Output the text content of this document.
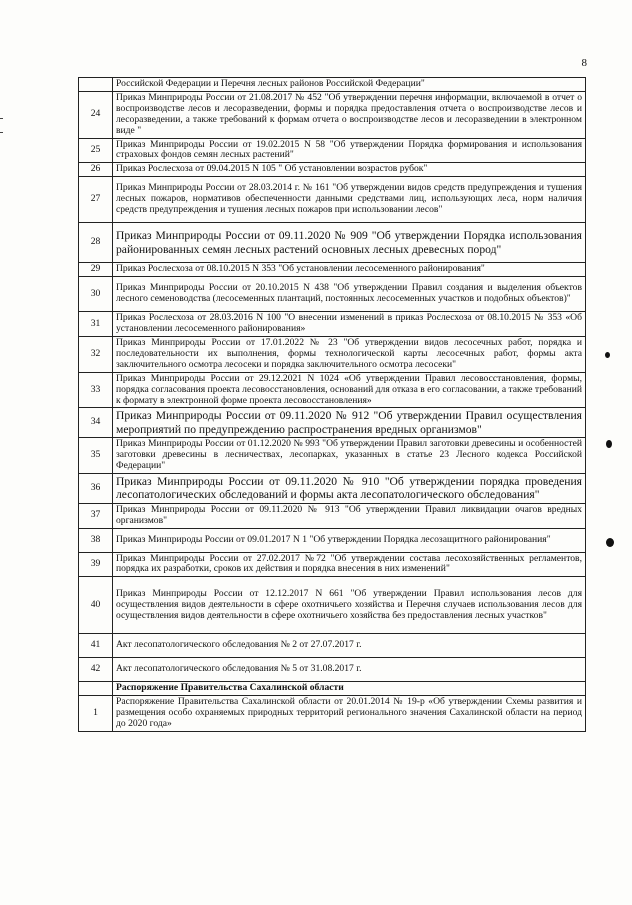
8
	Российской Федерации и Перечня лесных районов Российской Федерации"
24	Приказ Минприроды России от 21.08.2017 № 452 "Об утверждении перечня информации, включаемой в отчет о воспроизводстве лесов и лесоразведении, формы и порядка предоставления отчета о воспроизводстве лесов и лесоразведении, а также требований к формам отчета о воспроизводстве лесов и лесоразведении в электронном виде "
25	Приказ Минприроды России от 19.02.2015 N 58 "Об утверждении Порядка формирования и использования страховых фондов семян лесных растений"
26	Приказ Рослесхоза от 09.04.2015 N 105 " Об установлении возрастов рубок"
27	Приказ Минприроды России от 28.03.2014 г. № 161 "Об утверждении видов средств предупреждения и тушения лесных пожаров, нормативов обеспеченности данными средствами лиц, использующих леса, норм наличия средств предупреждения и тушения лесных пожаров при использовании лесов"
28	Приказ Минприроды России от 09.11.2020 № 909 "Об утверждении Порядка использования районированных семян лесных растений основных лесных древесных пород"
29	Приказ Рослесхоза от 08.10.2015 N 353 "Об установлении лесосеменного районирования"
30	Приказ Минприроды России от 20.10.2015 N 438 "Об утверждении Правил создания и выделения объектов лесного семеноводства (лесосеменных плантаций, постоянных лесосеменных участков и подобных объектов)"
31	Приказ Рослесхоза от 28.03.2016 N 100 "О внесении изменений в приказ Рослесхоза от 08.10.2015 № 353 «Об установлении лесосеменного районирования»
32	Приказ Минприроды России от 17.01.2022 № 23 "Об утверждении видов лесосечных работ, порядка и последовательности их выполнения, формы технологической карты лесосечных работ, формы акта заключительного осмотра лесосеки и порядка заключительного осмотра лесосеки"
33	Приказ Минприроды России от 29.12.2021 N 1024 «Об утверждении Правил лесовосстановления, формы, порядка согласования проекта лесовосстановления, оснований для отказа в его согласовании, а также требований к формату в электронной форме проекта лесовосстановления»
34	Приказ Минприроды России от 09.11.2020 № 912 "Об утверждении Правил осуществления мероприятий по предупреждению распространения вредных организмов"
35	Приказ Минприроды России от 01.12.2020 № 993 "Об утверждении Правил заготовки древесины и особенностей заготовки древесины в лесничествах, лесопарках, указанных в статье 23 Лесного кодекса Российской Федерации"
36	Приказ Минприроды России от 09.11.2020 № 910 "Об утверждении порядка проведения лесопатологических обследований и формы акта лесопатологического обследования"
37	Приказ Минприроды России от 09.11.2020 № 913 "Об утверждении Правил ликвидации очагов вредных организмов"
38	Приказ Минприроды России от 09.01.2017 N 1 "Об утверждении Порядка лесозащитного районирования"
39	Приказ Минприроды России от 27.02.2017 №72 "Об утверждении состава лесохозяйственных регламентов, порядка их разработки, сроков их действия и порядка внесения в них изменений"
40	Приказ Минприроды России от 12.12.2017 N 661 "Об утверждении Правил использования лесов для осуществления видов деятельности в сфере охотничьего хозяйства и Перечня случаев использования лесов для осуществления видов деятельности в сфере охотничьего хозяйства без предоставления лесных участков"
41	Акт лесопатологического обследования № 2 от 27.07.2017 г.
42	Акт лесопатологического обследования № 5 от 31.08.2017 г.
	Распоряжение Правительства Сахалинской области
1	Распоряжение Правительства Сахалинской области от 20.01.2014 № 19-р «Об утверждении Схемы развития и размещения особо охраняемых природных территорий регионального значения Сахалинской области на период до 2020 года»
